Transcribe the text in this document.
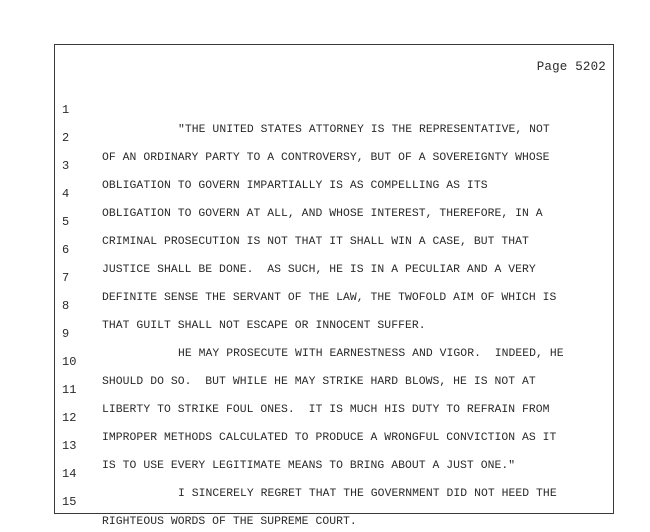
Page 5202

1

"THE UNITED STATES ATTORNEY IS THE REPRESENTATIVE, NOT

2

OF AN ORDINARY PARTY TO A CONTROVERSY, BUT OF A SOVEREIGNTY WHOSE

3

OBLIGATION TO GOVERN IMPARTIALLY IS AS COMPELLING AS ITS

4

OBLIGATION TO GOVERN AT ALL, AND WHOSE INTEREST, THEREFORE, IN A

5

CRIMINAL PROSECUTION IS NOT THAT IT SHALL WIN A CASE, BUT THAT

6

JUSTICE SHALL BE DONE.  AS SUCH, HE IS IN A PECULIAR AND A VERY

7

DEFINITE SENSE THE SERVANT OF THE LAW, THE TWOFOLD AIM OF WHICH IS

8

THAT GUILT SHALL NOT ESCAPE OR INNOCENT SUFFER.

9

HE MAY PROSECUTE WITH EARNESTNESS AND VIGOR.  INDEED, HE

10

SHOULD DO SO.  BUT WHILE HE MAY STRIKE HARD BLOWS, HE IS NOT AT

11

LIBERTY TO STRIKE FOUL ONES.  IT IS MUCH HIS DUTY TO REFRAIN FROM

12

IMPROPER METHODS CALCULATED TO PRODUCE A WRONGFUL CONVICTION AS IT

13

IS TO USE EVERY LEGITIMATE MEANS TO BRING ABOUT A JUST ONE."

14

I SINCERELY REGRET THAT THE GOVERNMENT DID NOT HEED THE

15

RIGHTEOUS WORDS OF THE SUPREME COURT.
